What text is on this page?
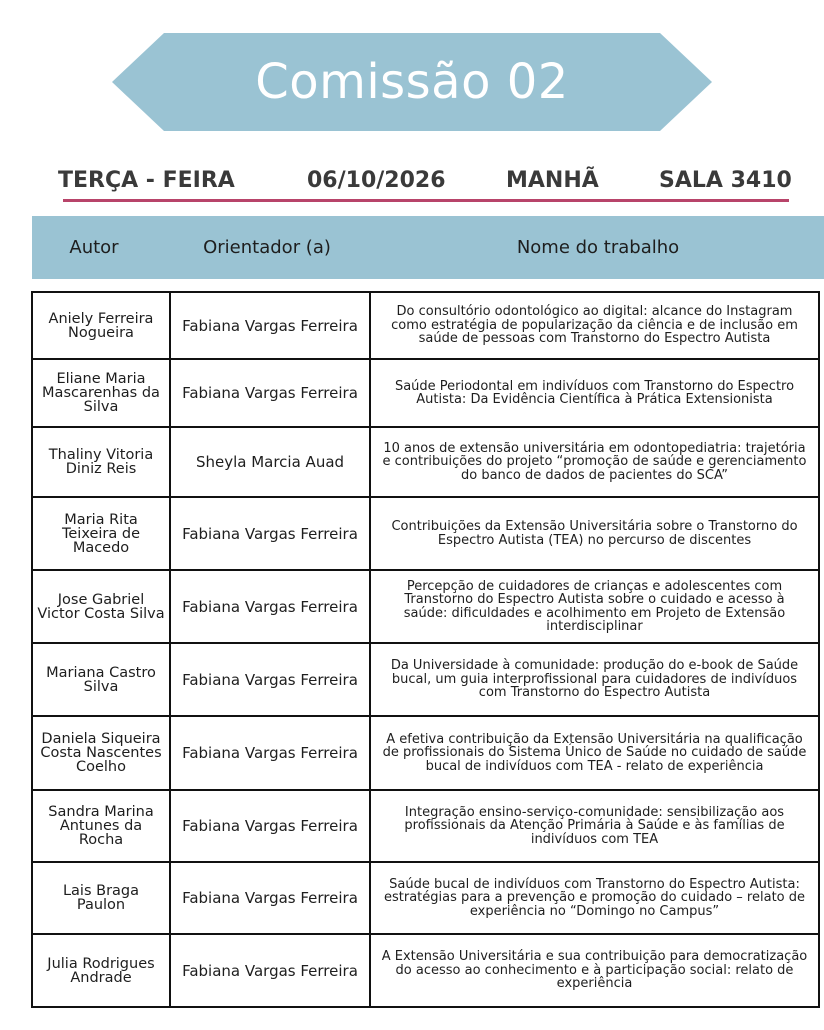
Comissão 02
TERÇA - FEIRA	06/10/2026	MANHÃ	SALA 3410
Autor	Orientador (a)	Nome do trabalho
Aniely Ferreira Nogueira	Fabiana Vargas Ferreira	Do consultório odontológico ao digital: alcance do Instagram como estratégia de popularização da ciência e de inclusão em saúde de pessoas com Transtorno do Espectro Autista
Eliane Maria Mascarenhas da Silva	Fabiana Vargas Ferreira	Saúde Periodontal em indivíduos com Transtorno do Espectro Autista: Da Evidência Científica à Prática Extensionista
Thaliny Vitoria Diniz Reis	Sheyla Marcia Auad	10 anos de extensão universitária em odontopediatria: trajetória e contribuições do projeto “promoção de saúde e gerenciamento do banco de dados de pacientes do SCA”
Maria Rita Teixeira de Macedo	Fabiana Vargas Ferreira	Contribuições da Extensão Universitária sobre o Transtorno do Espectro Autista (TEA) no percurso de discentes
Jose Gabriel Victor Costa Silva	Fabiana Vargas Ferreira	Percepção de cuidadores de crianças e adolescentes com Transtorno do Espectro Autista sobre o cuidado e acesso à saúde: dificuldades e acolhimento em Projeto de Extensão interdisciplinar
Mariana Castro Silva	Fabiana Vargas Ferreira	Da Universidade à comunidade: produção do e-book de Saúde bucal, um guia interprofissional para cuidadores de indivíduos com Transtorno do Espectro Autista
Daniela Siqueira Costa Nascentes Coelho	Fabiana Vargas Ferreira	A efetiva contribuição da Extensão Universitária na qualificação de profissionais do Sistema Único de Saúde no cuidado de saúde bucal de indivíduos com TEA - relato de experiência
Sandra Marina Antunes da Rocha	Fabiana Vargas Ferreira	Integração ensino-serviço-comunidade: sensibilização aos profissionais da Atenção Primária à Saúde e às famílias de indivíduos com TEA
Lais Braga Paulon	Fabiana Vargas Ferreira	Saúde bucal de indivíduos com Transtorno do Espectro Autista: estratégias para a prevenção e promoção do cuidado – relato de experiência no “Domingo no Campus”
Julia Rodrigues Andrade	Fabiana Vargas Ferreira	A Extensão Universitária e sua contribuição para democratização do acesso ao conhecimento e à participação social: relato de experiência
